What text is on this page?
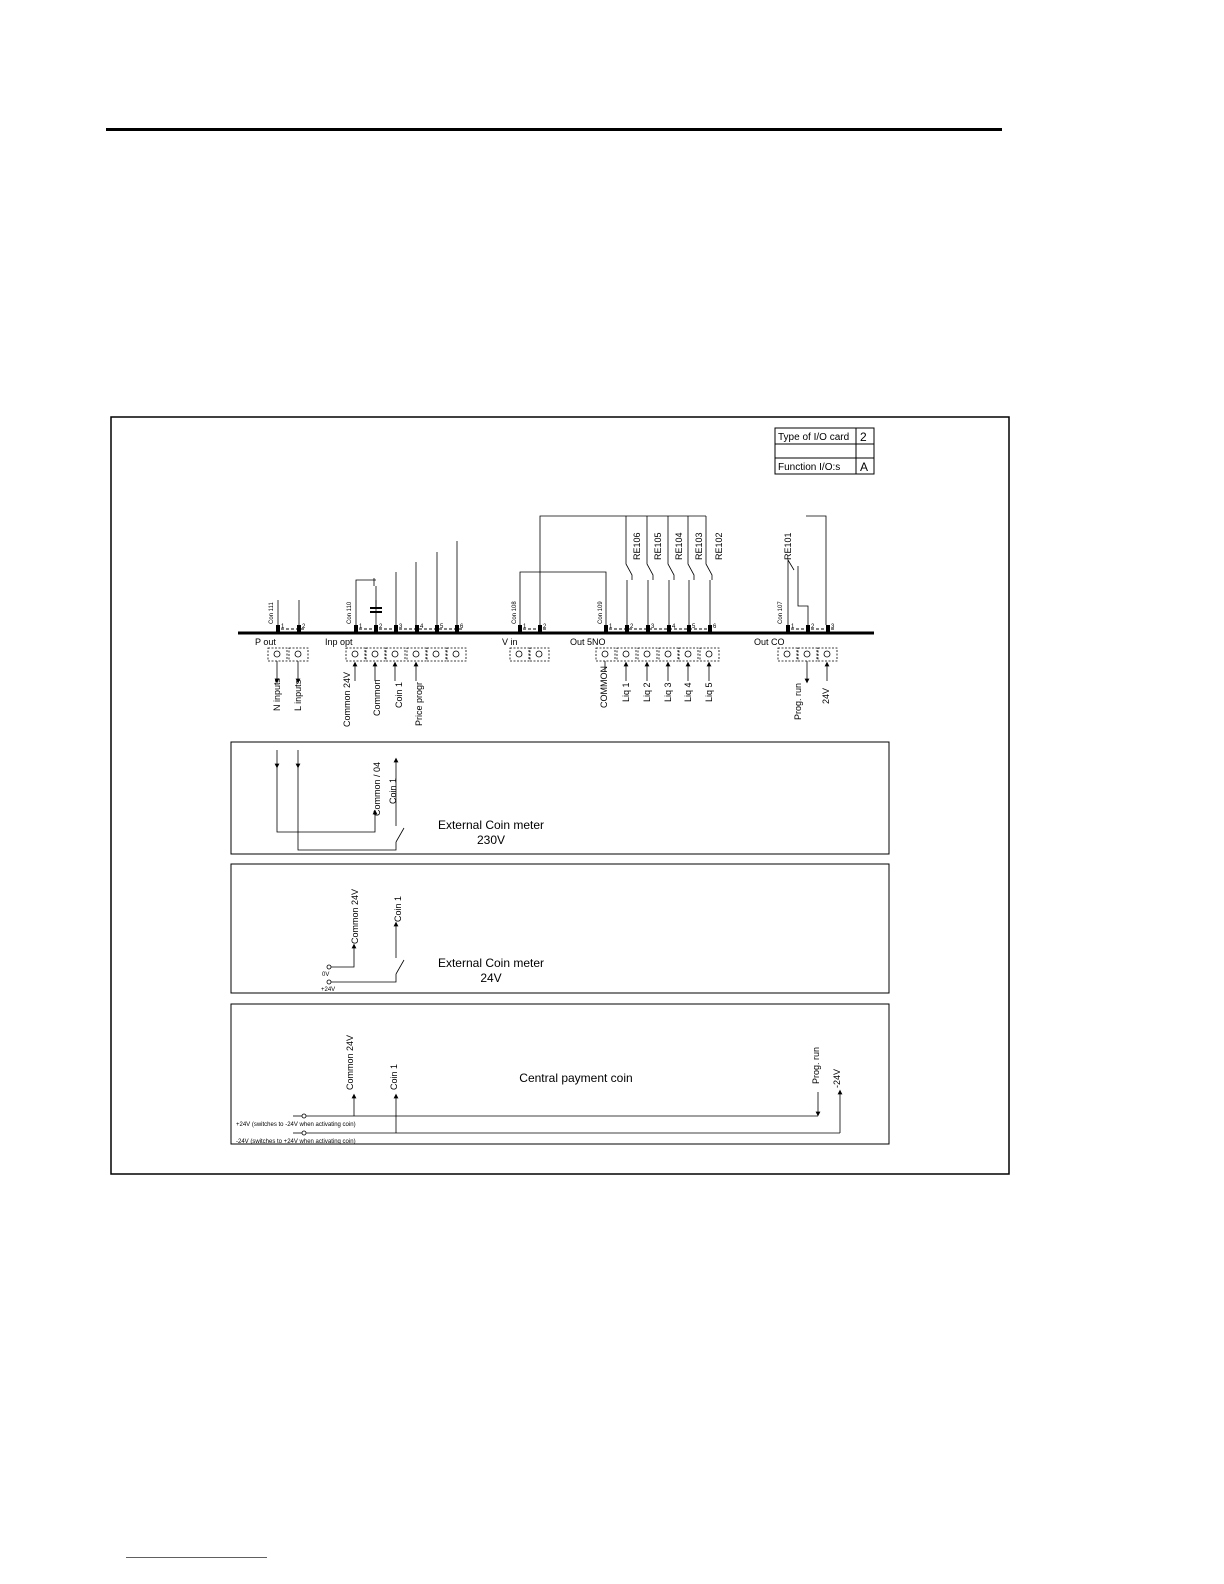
Type of I/O card 2
Function I/O:s A
Con 111	Con 110	Con 108	Con 109	Con 107
P out	Inp opt	V in	Out 5NO	Out CO
1	2	1	2	3	4	5	6	1	2	1	2	3	4	5	6	1	2	3
RE106 RE105 RE104 RE103 RE102	RE101
N inputs L inputs	Common 24V Common Coin 1 Price progr	COMMON Liq 1 Liq 2 Liq 3 Liq 4 Liq 5	Prog. run 24V
Common / 04 Coin 1
External Coin meter
230V
0V
+24V
Common 24V	Coin 1
External Coin meter
24V
Common 24V	Coin 1	Prog. run -24V
Central payment coin
+24V (switches to -24V when activating coin)
-24V (switches to +24V when activating coin)
